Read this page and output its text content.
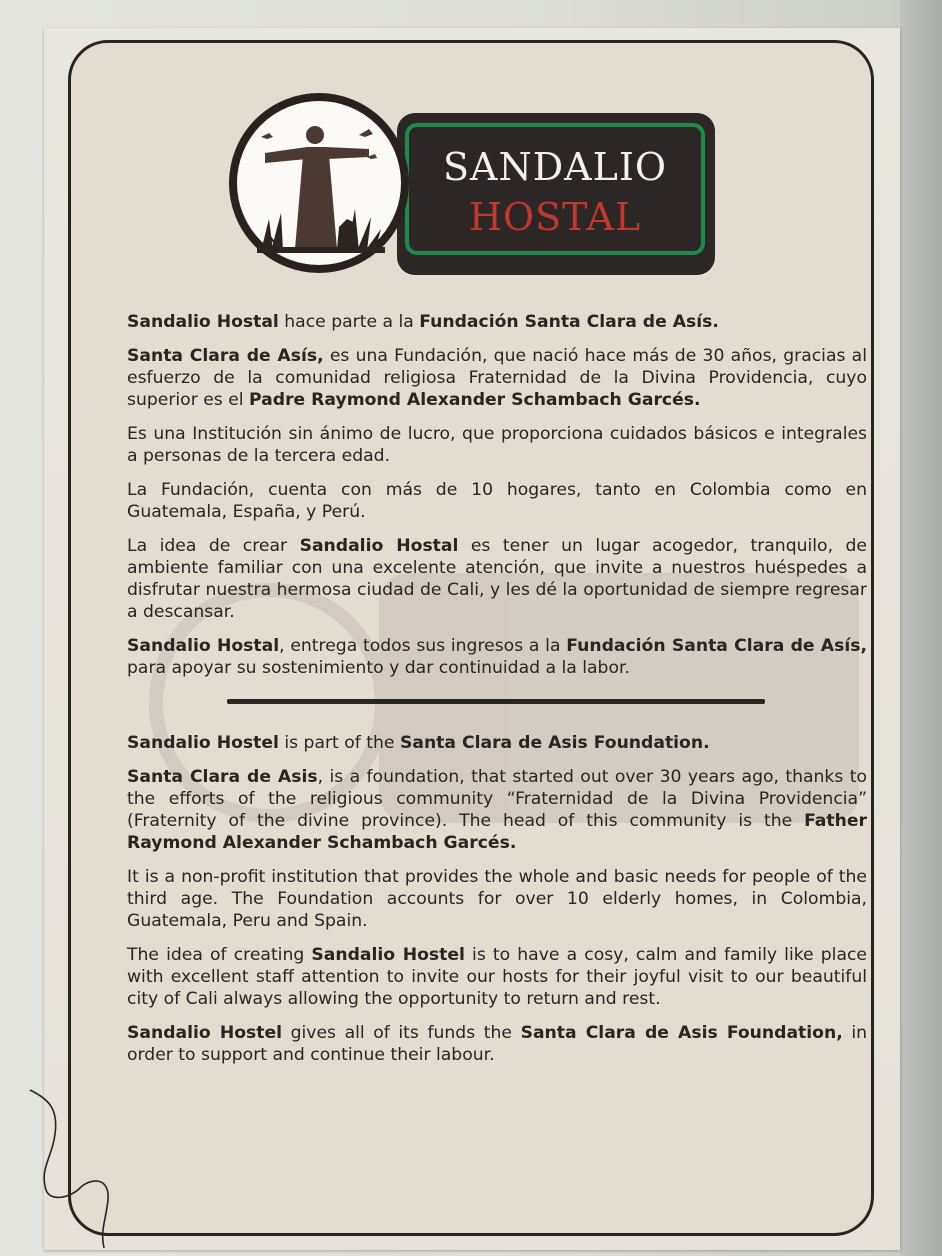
SANDALIO
HOSTAL

Sandalio Hostal hace parte a la Fundación Santa Clara de Asís.

Santa Clara de Asís, es una Fundación, que nació hace más de 30 años, gracias al esfuerzo de la comunidad religiosa Fraternidad de la Divina Providencia, cuyo superior es el Padre Raymond Alexander Schambach Garcés.

Es una Institución sin ánimo de lucro, que proporciona cuidados básicos e integrales a personas de la tercera edad.

La Fundación, cuenta con más de 10 hogares, tanto en Colombia como en Guatemala, España, y Perú.

La idea de crear Sandalio Hostal es tener un lugar acogedor, tranquilo, de ambiente familiar con una excelente atención, que invite a nuestros huéspedes a disfrutar nuestra hermosa ciudad de Cali, y les dé la oportunidad de siempre regresar a descansar.

Sandalio Hostal, entrega todos sus ingresos a la Fundación Santa Clara de Asís, para apoyar su sostenimiento y dar continuidad a la labor.

Sandalio Hostel is part of the Santa Clara de Asis Foundation.

Santa Clara de Asis, is a foundation, that started out over 30 years ago, thanks to the efforts of the religious community “Fraternidad de la Divina Providencia” (Fraternity of the divine province). The head of this community is the Father Raymond Alexander Schambach Garcés.

It is a non-profit institution that provides the whole and basic needs for people of the third age. The Foundation accounts for over 10 elderly homes, in Colombia, Guatemala, Peru and Spain.

The idea of creating Sandalio Hostel is to have a cosy, calm and family like place with excellent staff attention to invite our hosts for their joyful visit to our beautiful city of Cali always allowing the opportunity to return and rest.

Sandalio Hostel gives all of its funds the Santa Clara de Asis Foundation, in order to support and continue their labour.
